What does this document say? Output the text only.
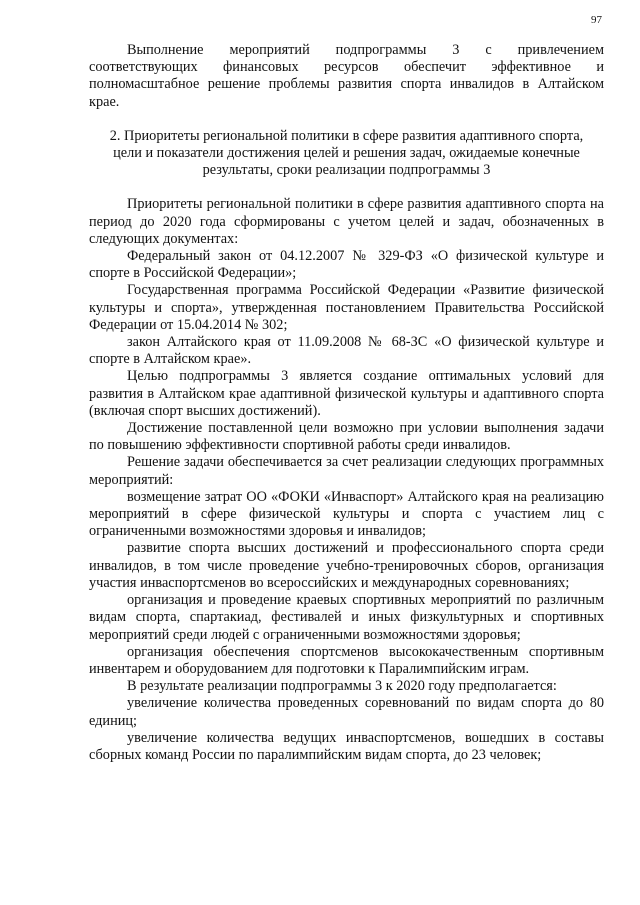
97

Выполнение мероприятий подпрограммы 3 с привлечением соответствующих финансовых ресурсов обеспечит эффективное и полномасштабное решение проблемы развития спорта инвалидов в Алтайском крае.

2. Приоритеты региональной политики в сфере развития адаптивного спорта, цели и показатели достижения целей и решения задач, ожидаемые конечные результаты, сроки реализации подпрограммы 3

Приоритеты региональной политики в сфере развития адаптивного спорта на период до 2020 года сформированы с учетом целей и задач, обозначенных в следующих документах:

Федеральный закон от 04.12.2007 № 329-ФЗ «О физической культуре и спорте в Российской Федерации»;

Государственная программа Российской Федерации «Развитие физической культуры и спорта», утвержденная постановлением Правительства Российской Федерации от 15.04.2014 № 302;

закон Алтайского края от 11.09.2008 № 68-ЗС «О физической культуре и спорте в Алтайском крае».

Целью подпрограммы 3 является создание оптимальных условий для развития в Алтайском крае адаптивной физической культуры и адаптивного спорта (включая спорт высших достижений).

Достижение поставленной цели возможно при условии выполнения задачи по повышению эффективности спортивной работы среди инвалидов.

Решение задачи обеспечивается за счет реализации следующих программных мероприятий:

возмещение затрат ОО «ФОКИ «Инваспорт» Алтайского края на реализацию мероприятий в сфере физической культуры и спорта с участием лиц с ограниченными возможностями здоровья и инвалидов;

развитие спорта высших достижений и профессионального спорта среди инвалидов, в том числе проведение учебно-тренировочных сборов, организация участия инваспортсменов во всероссийских и международных соревнованиях;

организация и проведение краевых спортивных мероприятий по различным видам спорта, спартакиад, фестивалей и иных физкультурных и спортивных мероприятий среди людей с ограниченными возможностями здоровья;

организация обеспечения спортсменов высококачественным спортивным инвентарем и оборудованием для подготовки к Паралимпийским играм.

В результате реализации подпрограммы 3 к 2020 году предполагается:

увеличение количества проведенных соревнований по видам спорта до 80 единиц;

увеличение количества ведущих инваспортсменов, вошедших в составы сборных команд России по паралимпийским видам спорта, до 23 человек;
